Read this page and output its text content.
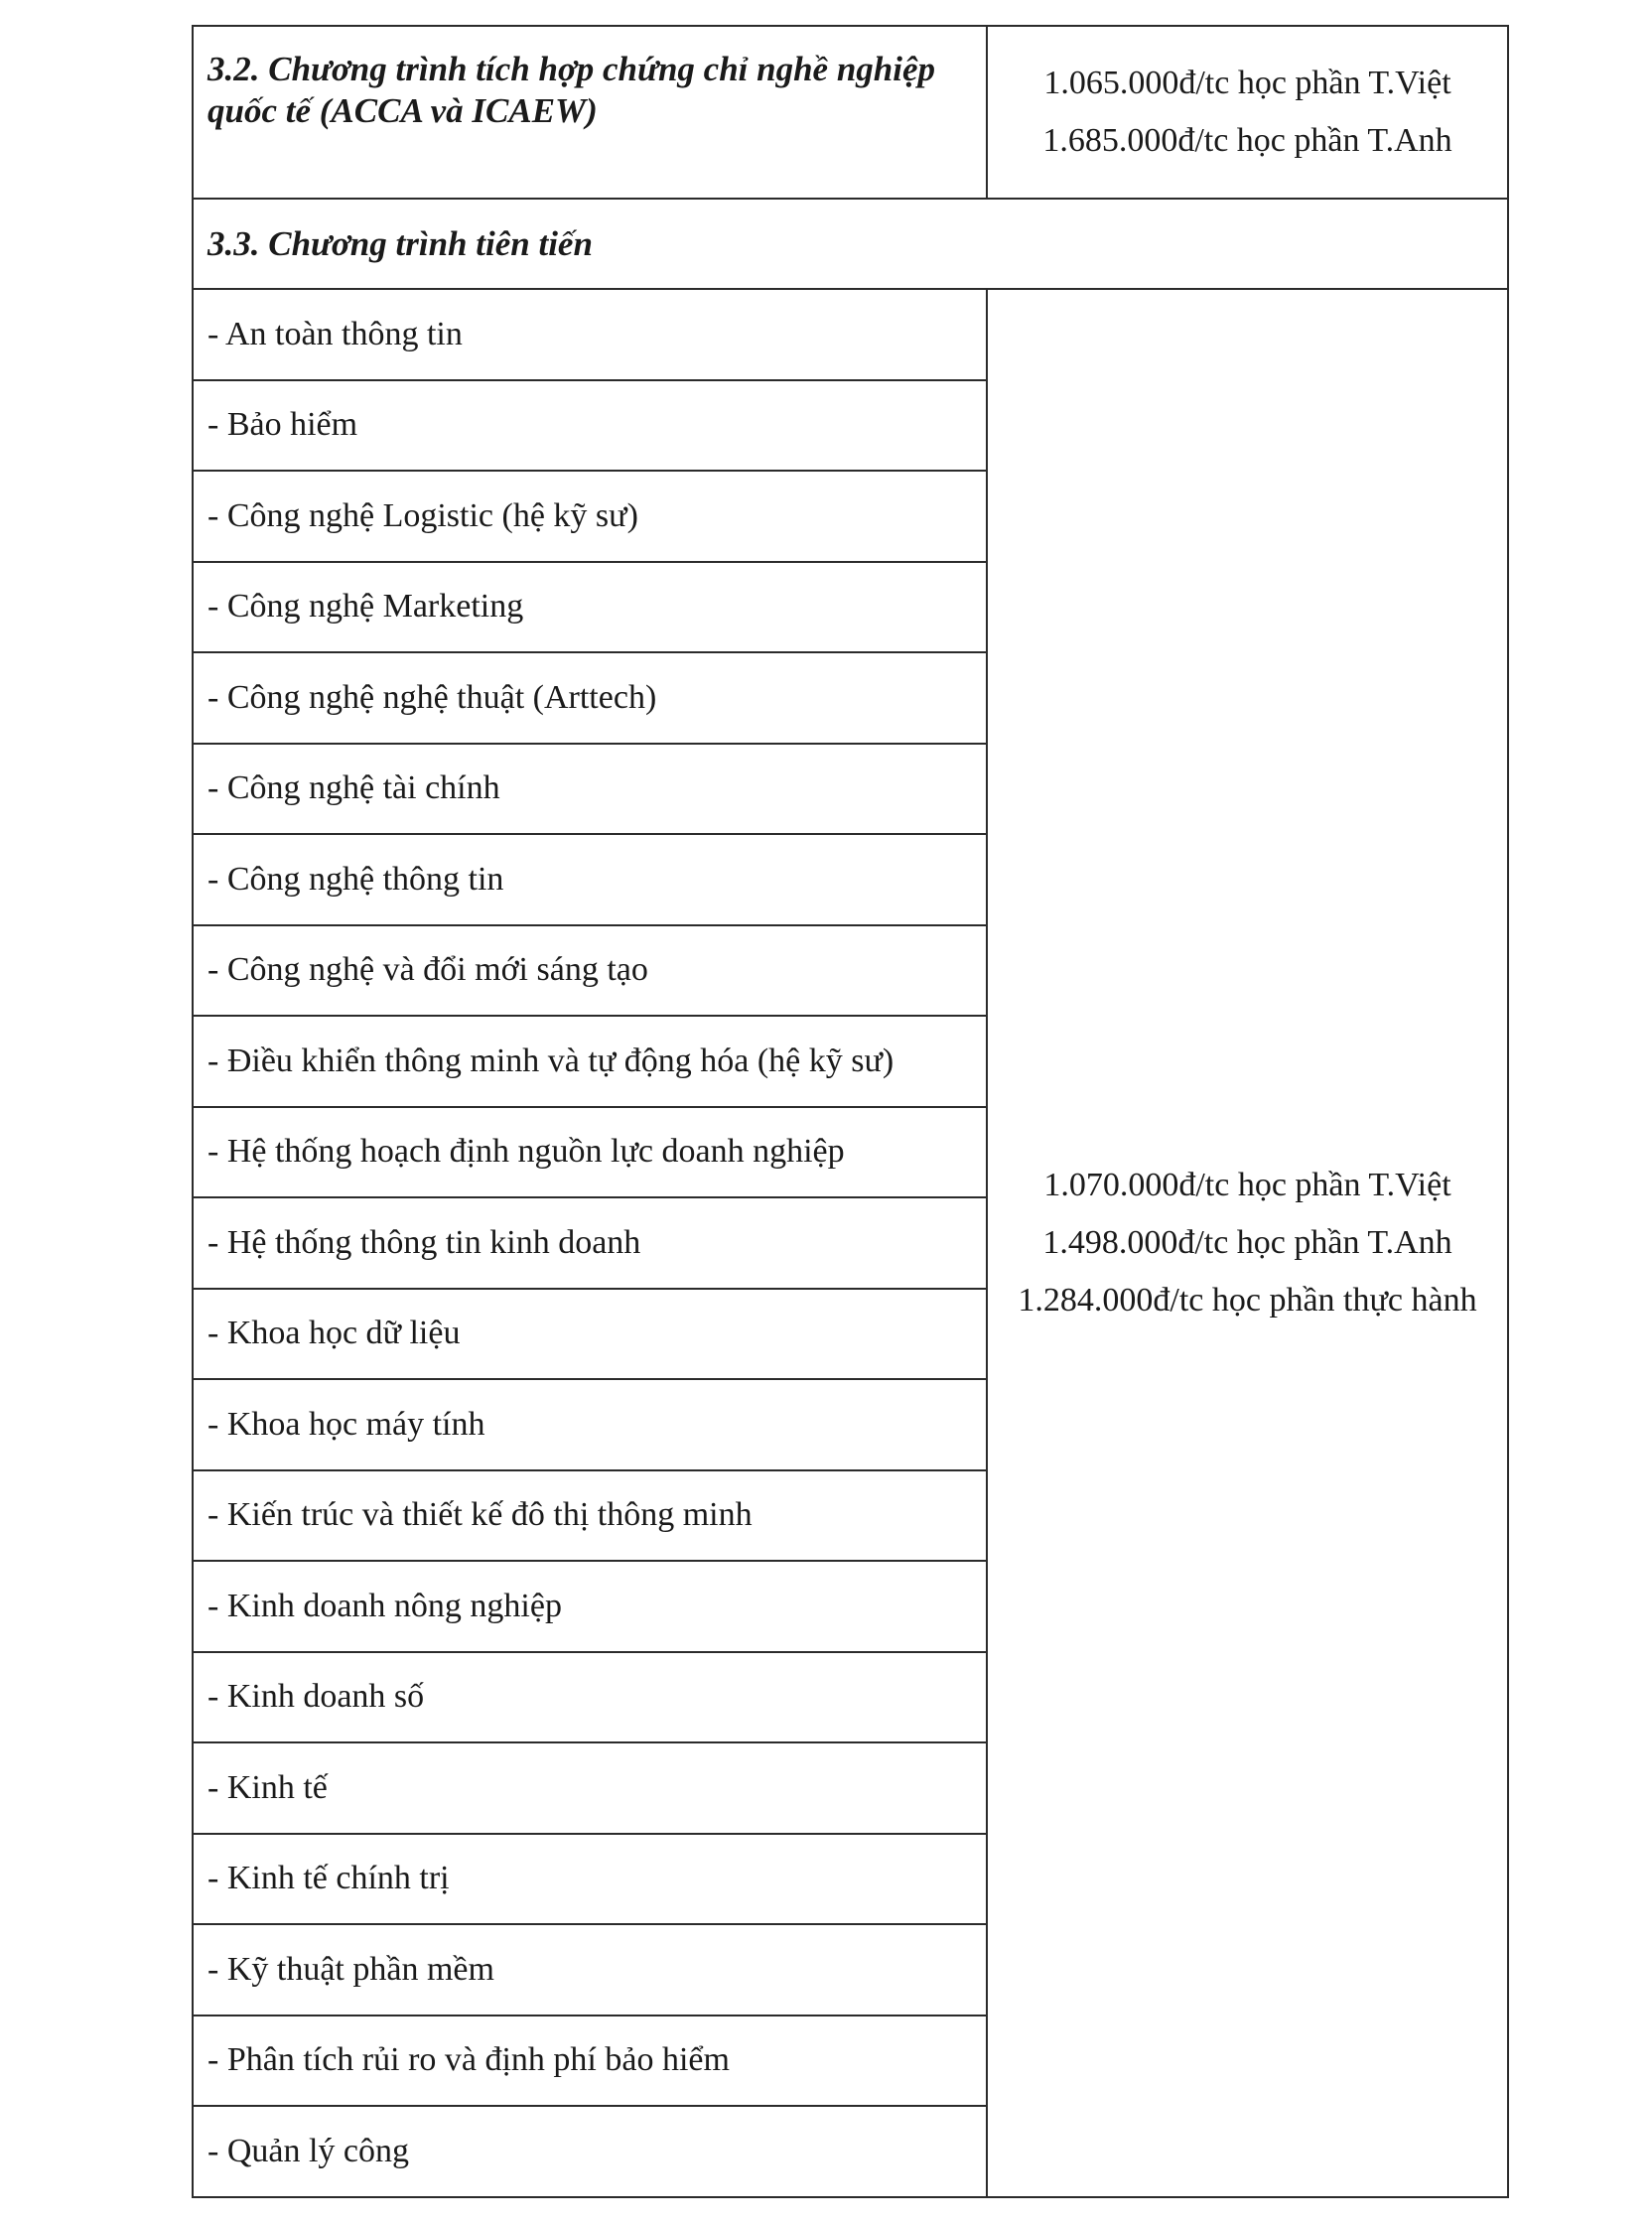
3.2. Chương trình tích hợp chứng chỉ nghề nghiệp quốc tế (ACCA và ICAEW)	1.065.000đ/tc học phần T.Việt
1.685.000đ/tc học phần T.Anh

3.3. Chương trình tiên tiến	
- An toàn thông tin	1.070.000đ/tc học phần T.Việt
1.498.000đ/tc học phần T.Anh
1.284.000đ/tc học phần thực hành

- Bảo hiểm	
- Công nghệ Logistic (hệ kỹ sư)	
- Công nghệ Marketing	
- Công nghệ nghệ thuật (Arttech)	
- Công nghệ tài chính	
- Công nghệ thông tin	
- Công nghệ và đổi mới sáng tạo	
- Điều khiển thông minh và tự động hóa (hệ kỹ sư)	
- Hệ thống hoạch định nguồn lực doanh nghiệp	
- Hệ thống thông tin kinh doanh	
- Khoa học dữ liệu	
- Khoa học máy tính	
- Kiến trúc và thiết kế đô thị thông minh	
- Kinh doanh nông nghiệp	
- Kinh doanh số	
- Kinh tế	
- Kinh tế chính trị	
- Kỹ thuật phần mềm	
- Phân tích rủi ro và định phí bảo hiểm	
- Quản lý công	
